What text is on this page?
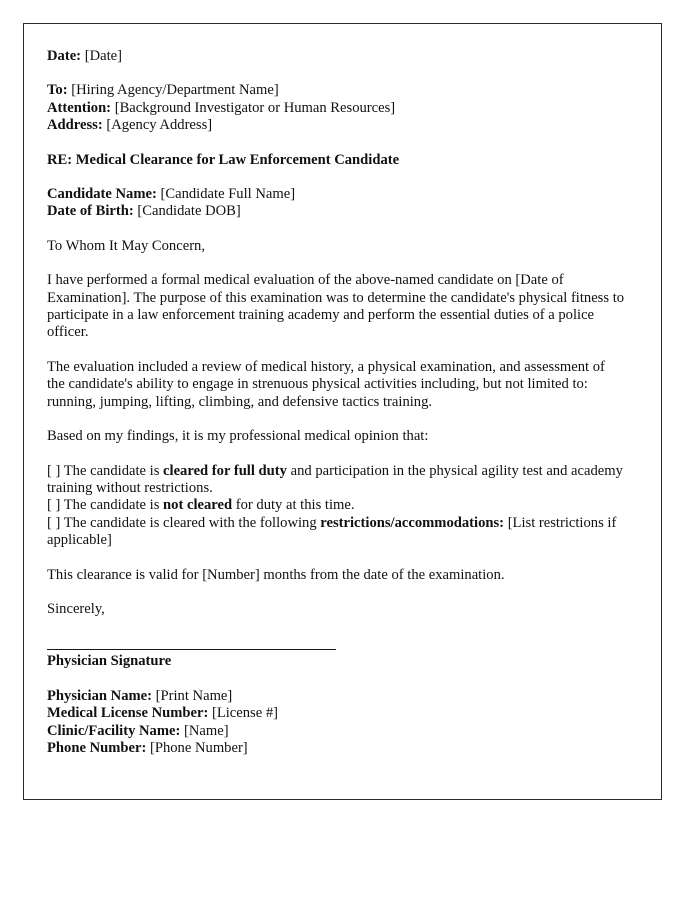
Date: [Date]
To: [Hiring Agency/Department Name]
Attention: [Background Investigator or Human Resources]
Address: [Agency Address]
RE: Medical Clearance for Law Enforcement Candidate
Candidate Name: [Candidate Full Name]
Date of Birth: [Candidate DOB]
To Whom It May Concern,
I have performed a formal medical evaluation of the above-named candidate on [Date of Examination]. The purpose of this examination was to determine the candidate's physical fitness to participate in a law enforcement training academy and perform the essential duties of a police officer.
The evaluation included a review of medical history, a physical examination, and assessment of the candidate's ability to engage in strenuous physical activities including, but not limited to: running, jumping, lifting, climbing, and defensive tactics training.
Based on my findings, it is my professional medical opinion that:
[ ] The candidate is cleared for full duty and participation in the physical agility test and academy training without restrictions.
[ ] The candidate is not cleared for duty at this time.
[ ] The candidate is cleared with the following restrictions/accommodations: [List restrictions if applicable]
This clearance is valid for [Number] months from the date of the examination.
Sincerely,
Physician Signature
Physician Name: [Print Name]
Medical License Number: [License #]
Clinic/Facility Name: [Name]
Phone Number: [Phone Number]
